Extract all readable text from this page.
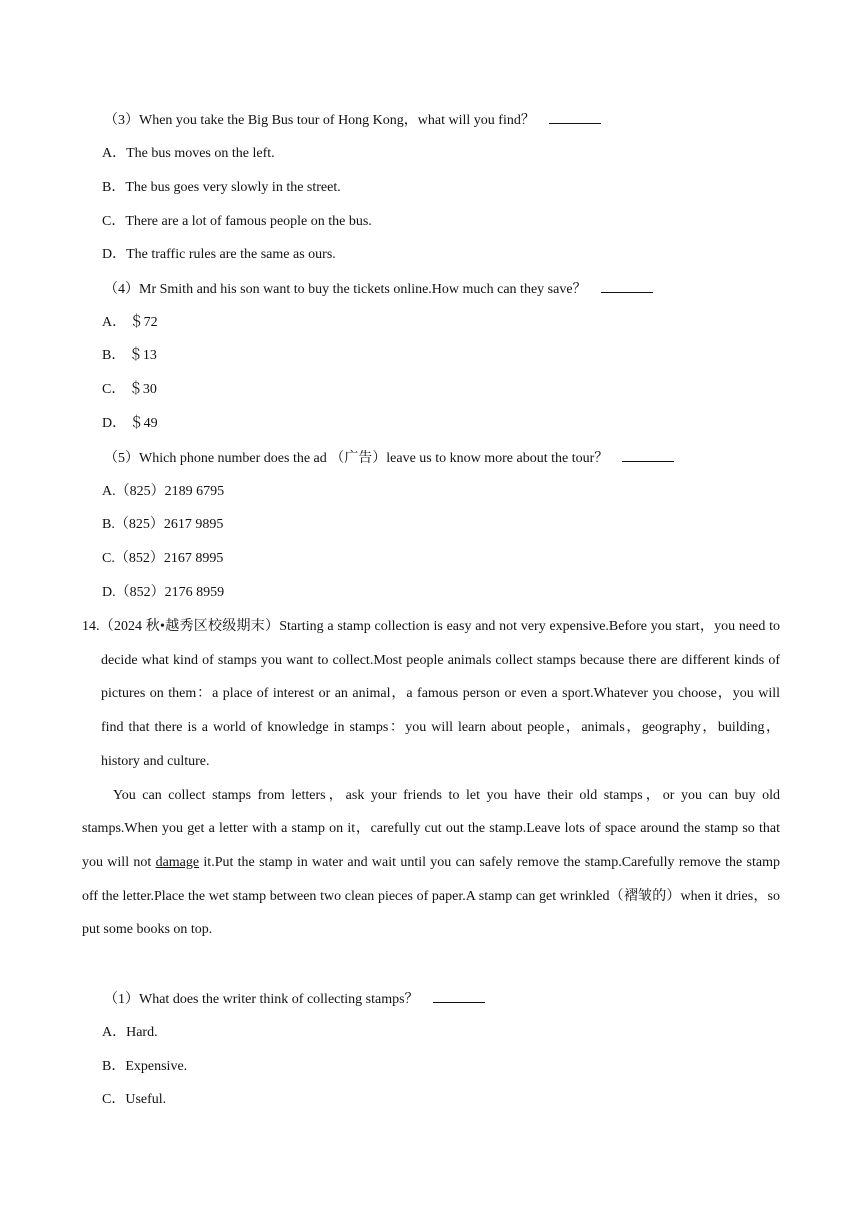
（3）When you take the Big Bus tour of Hong Kong，what will you find？
A．The bus moves on the left.
B．The bus goes very slowly in the street.
C．There are a lot of famous people on the bus.
D．The traffic rules are the same as ours.
（4）Mr Smith and his son want to buy the tickets online.How much can they save？
A． ＄72
B． ＄13
C． ＄30
D． ＄49
（5）Which phone number does the ad （广告）leave us to know more about the tour？
A.（825）2189 6795
B.（825）2617 9895
C.（852）2167 8995
D.（852）2176 8959

14.（2024 秋•越秀区校级期末）Starting a stamp collection is easy and not very expensive.Before you start，you need to decide what kind of stamps you want to collect.Most people animals collect stamps because there are different kinds of pictures on them：a place of interest or an animal，a famous person or even a sport.Whatever you choose，you will find that there is a world of knowledge in stamps：you will learn about people，animals，geography，building，history and culture.

You can collect stamps from letters，ask your friends to let you have their old stamps，or you can buy old stamps.When you get a letter with a stamp on it，carefully cut out the stamp.Leave lots of space around the stamp so that you will not damage it.Put the stamp in water and wait until you can safely remove the stamp.Carefully remove the stamp off the letter.Place the wet stamp between two clean pieces of paper.A stamp can get wrinkled（褶皱的）when it dries，so put some books on top.

（1）What does the writer think of collecting stamps？
A．Hard.
B．Expensive.
C．Useful.
